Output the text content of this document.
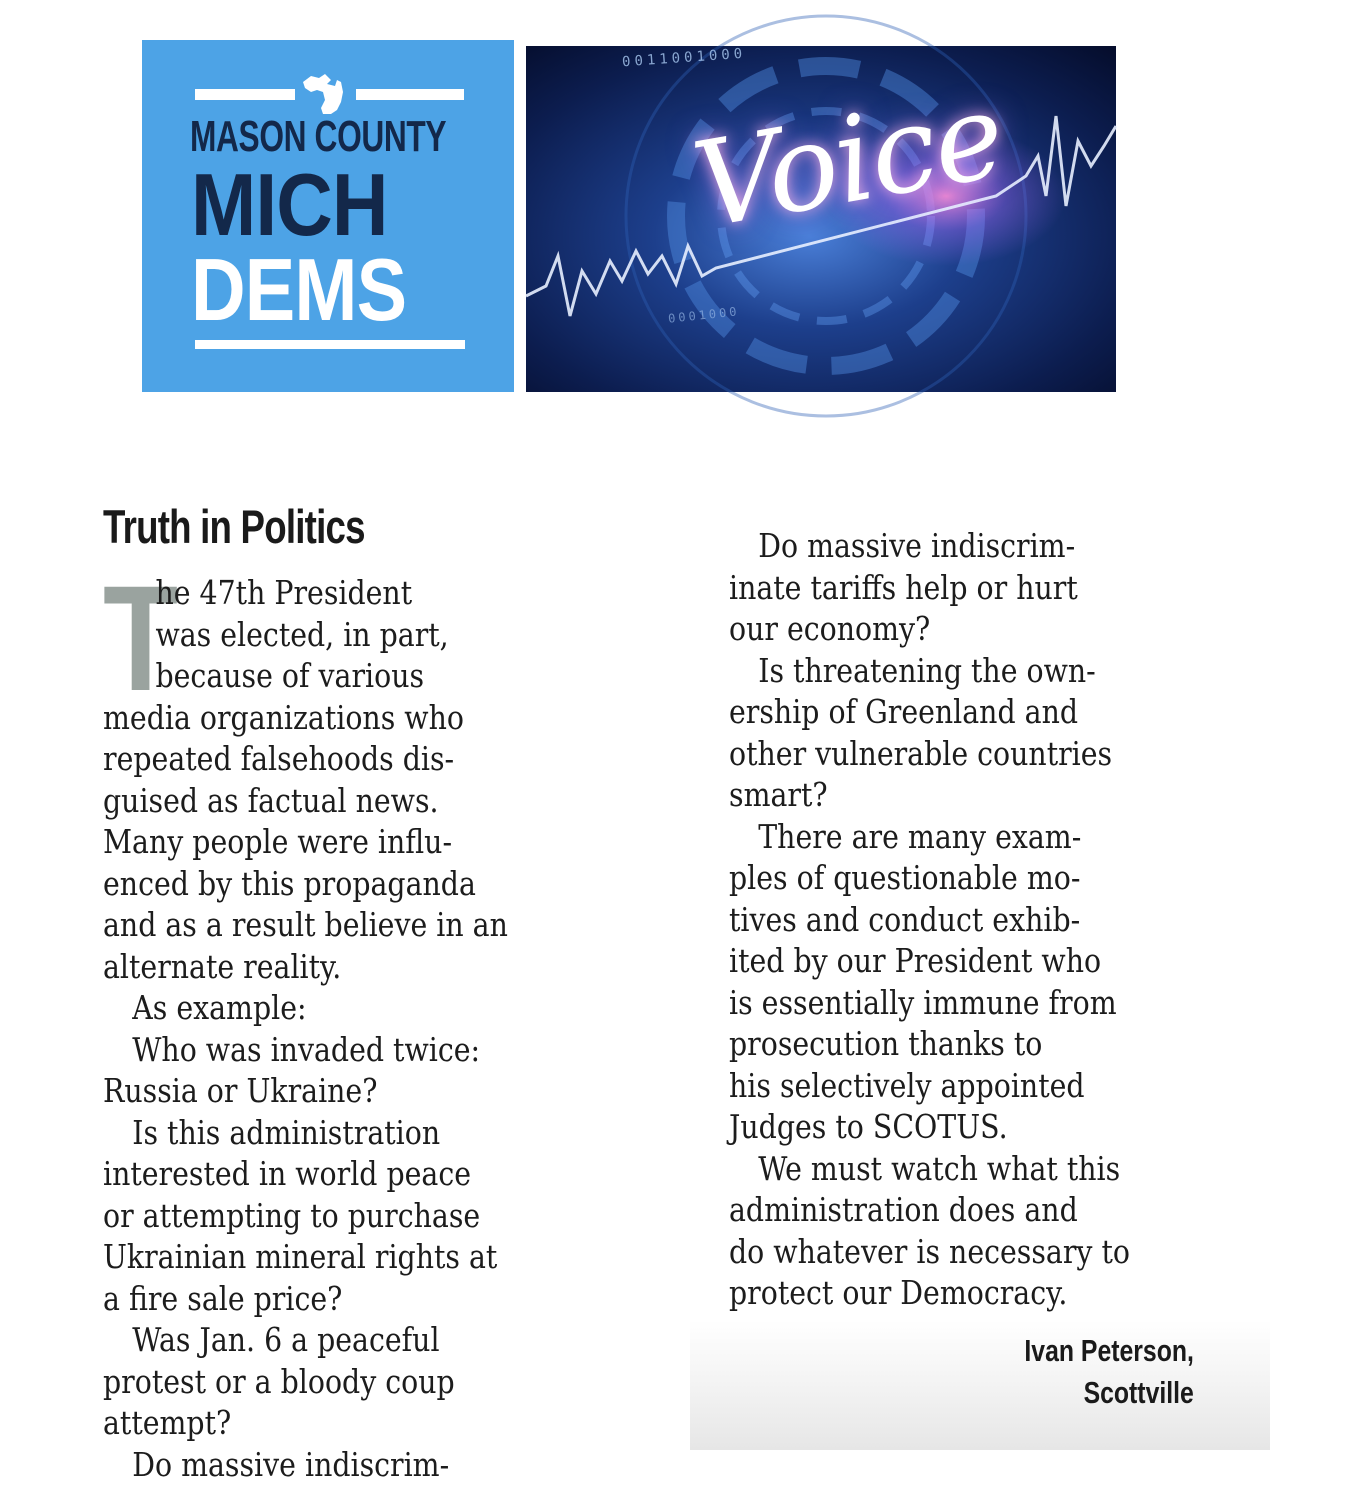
MASON COUNTY
MICH
DEMS
0011001000
Voice
0001000
Truth in Politics
T
he 47th President
was elected, in part,
because of various
media organizations who
repeated falsehoods dis-
guised as factual news.
Many people were influ-
enced by this propaganda
and as a result believe in an
alternate reality.
As example:
Who was invaded twice:
Russia or Ukraine?
Is this administration
interested in world peace
or attempting to purchase
Ukrainian mineral rights at
a fire sale price?
Was Jan. 6 a peaceful
protest or a bloody coup
attempt?
Do massive indiscrim-
Do massive indiscrim-
inate tariffs help or hurt
our economy?
Is threatening the own-
ership of Greenland and
other vulnerable countries
smart?
There are many exam-
ples of questionable mo-
tives and conduct exhib-
ited by our President who
is essentially immune from
prosecution thanks to
his selectively appointed
Judges to SCOTUS.
We must watch what this
administration does and
do whatever is necessary to
protect our Democracy.
Ivan Peterson,
Scottville
